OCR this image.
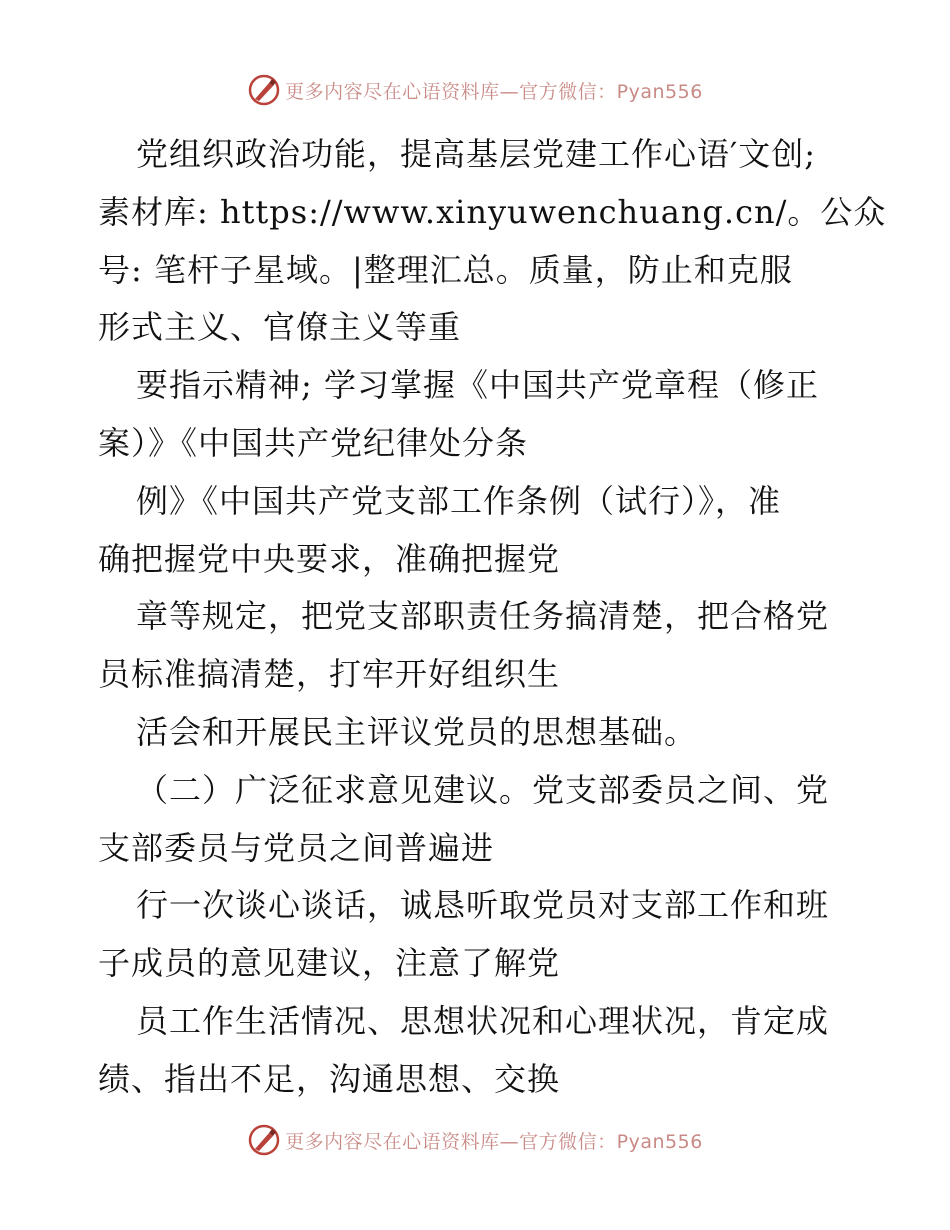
更多内容尽在心语资料库—官方微信：Pyan556
党组织政治功能，提高基层党建工作心语′文创;
素材库: https://www.xinyuwenchuang.cn/。公众
号: 笔杆子星域。|整理汇总。质量，防止和克服
形式主义、官僚主义等重
要指示精神; 学习掌握《中国共产党章程（修正
案）》《中国共产党纪律处分条
例》《中国共产党支部工作条例（试行）》，准
确把握党中央要求，准确把握党
章等规定，把党支部职责任务搞清楚，把合格党
员标准搞清楚，打牢开好组织生
活会和开展民主评议党员的思想基础。
（二）广泛征求意见建议。党支部委员之间、党
支部委员与党员之间普遍进
行一次谈心谈话，诚恳听取党员对支部工作和班
子成员的意见建议，注意了解党
员工作生活情况、思想状况和心理状况，肯定成
绩、指出不足，沟通思想、交换
更多内容尽在心语资料库—官方微信：Pyan556
